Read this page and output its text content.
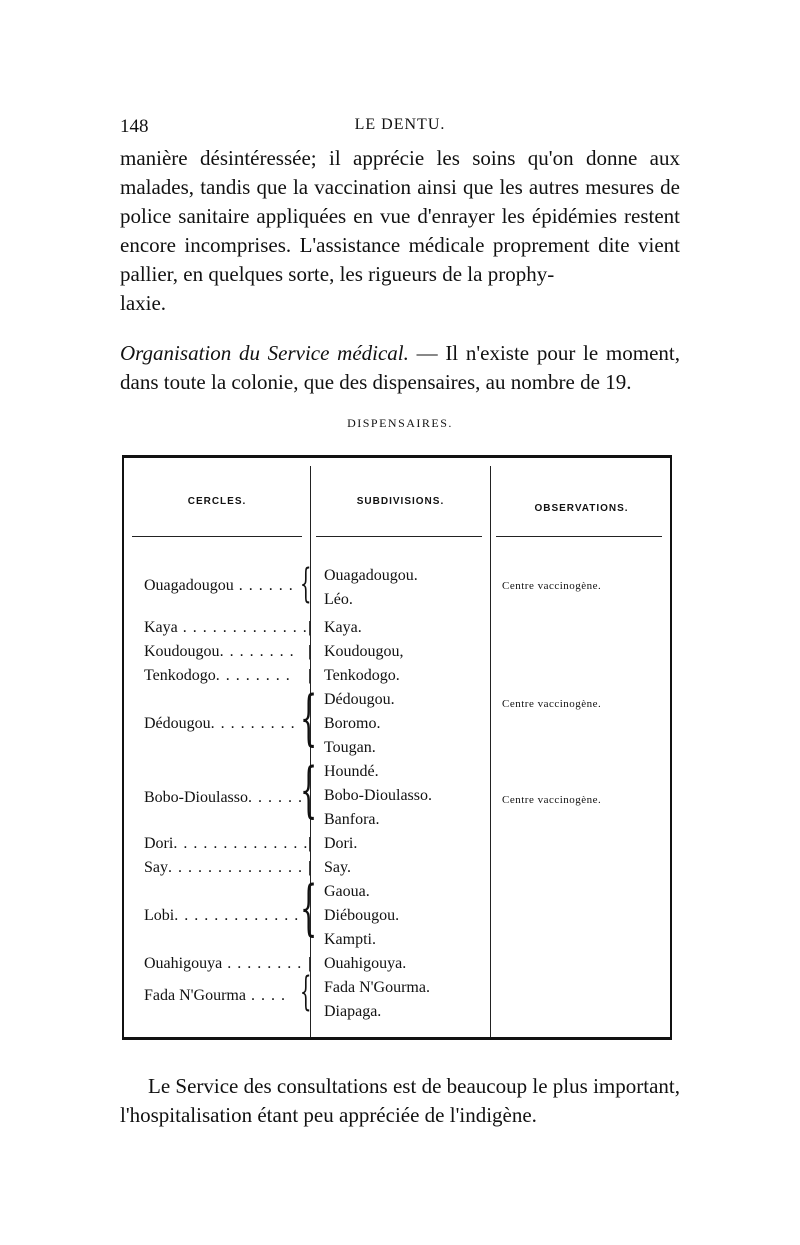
148	LE DENTU.
manière désintéressée; il apprécie les soins qu'on donne aux malades, tandis que la vaccination ainsi que les autres mesures de police sanitaire appliquées en vue d'enrayer les épidémies restent encore incomprises. L'assistance médicale proprement dite vient pallier, en quelques sorte, les rigueurs de la prophy-
laxie.
Organisation du Service médical. — Il n'existe pour le moment, dans toute la colonie, que des dispensaires, au nombre de 19.
DISPENSAIRES.
CERCLES.	SUBDIVISIONS.
OBSERVATIONS.
Ouagadougou . . . . . .
Kaya . . . . . . . . . . . . .
Koudougou. . . . . . . .
Tenkodogo. . . . . . . .
Dédougou. . . . . . . . .
Bobo-Dioulasso. . . . . .
Dori. . . . . . . . . . . . . .
Say. . . . . . . . . . . . . .
Lobi. . . . . . . . . . . . .
Ouahigouya . . . . . . . .
Fada N'Gourma . . . .
{
|
|
|
{
{
|
|
{
|
{
Ouagadougou.
Léo.
Kaya.
Koudougou,
Tenkodogo.
Dédougou.
Boromo.
Tougan.
Houndé.
Bobo-Dioulasso.
Banfora.
Dori.
Say.
Gaoua.
Diébougou.
Kampti.
Ouahigouya.
Fada N'Gourma.
Diapaga.
Centre vaccinogène.
Centre vaccinogène.
Centre vaccinogène.
Le Service des consultations est de beaucoup le plus important, l'hospitalisation étant peu appréciée de l'indigène.
